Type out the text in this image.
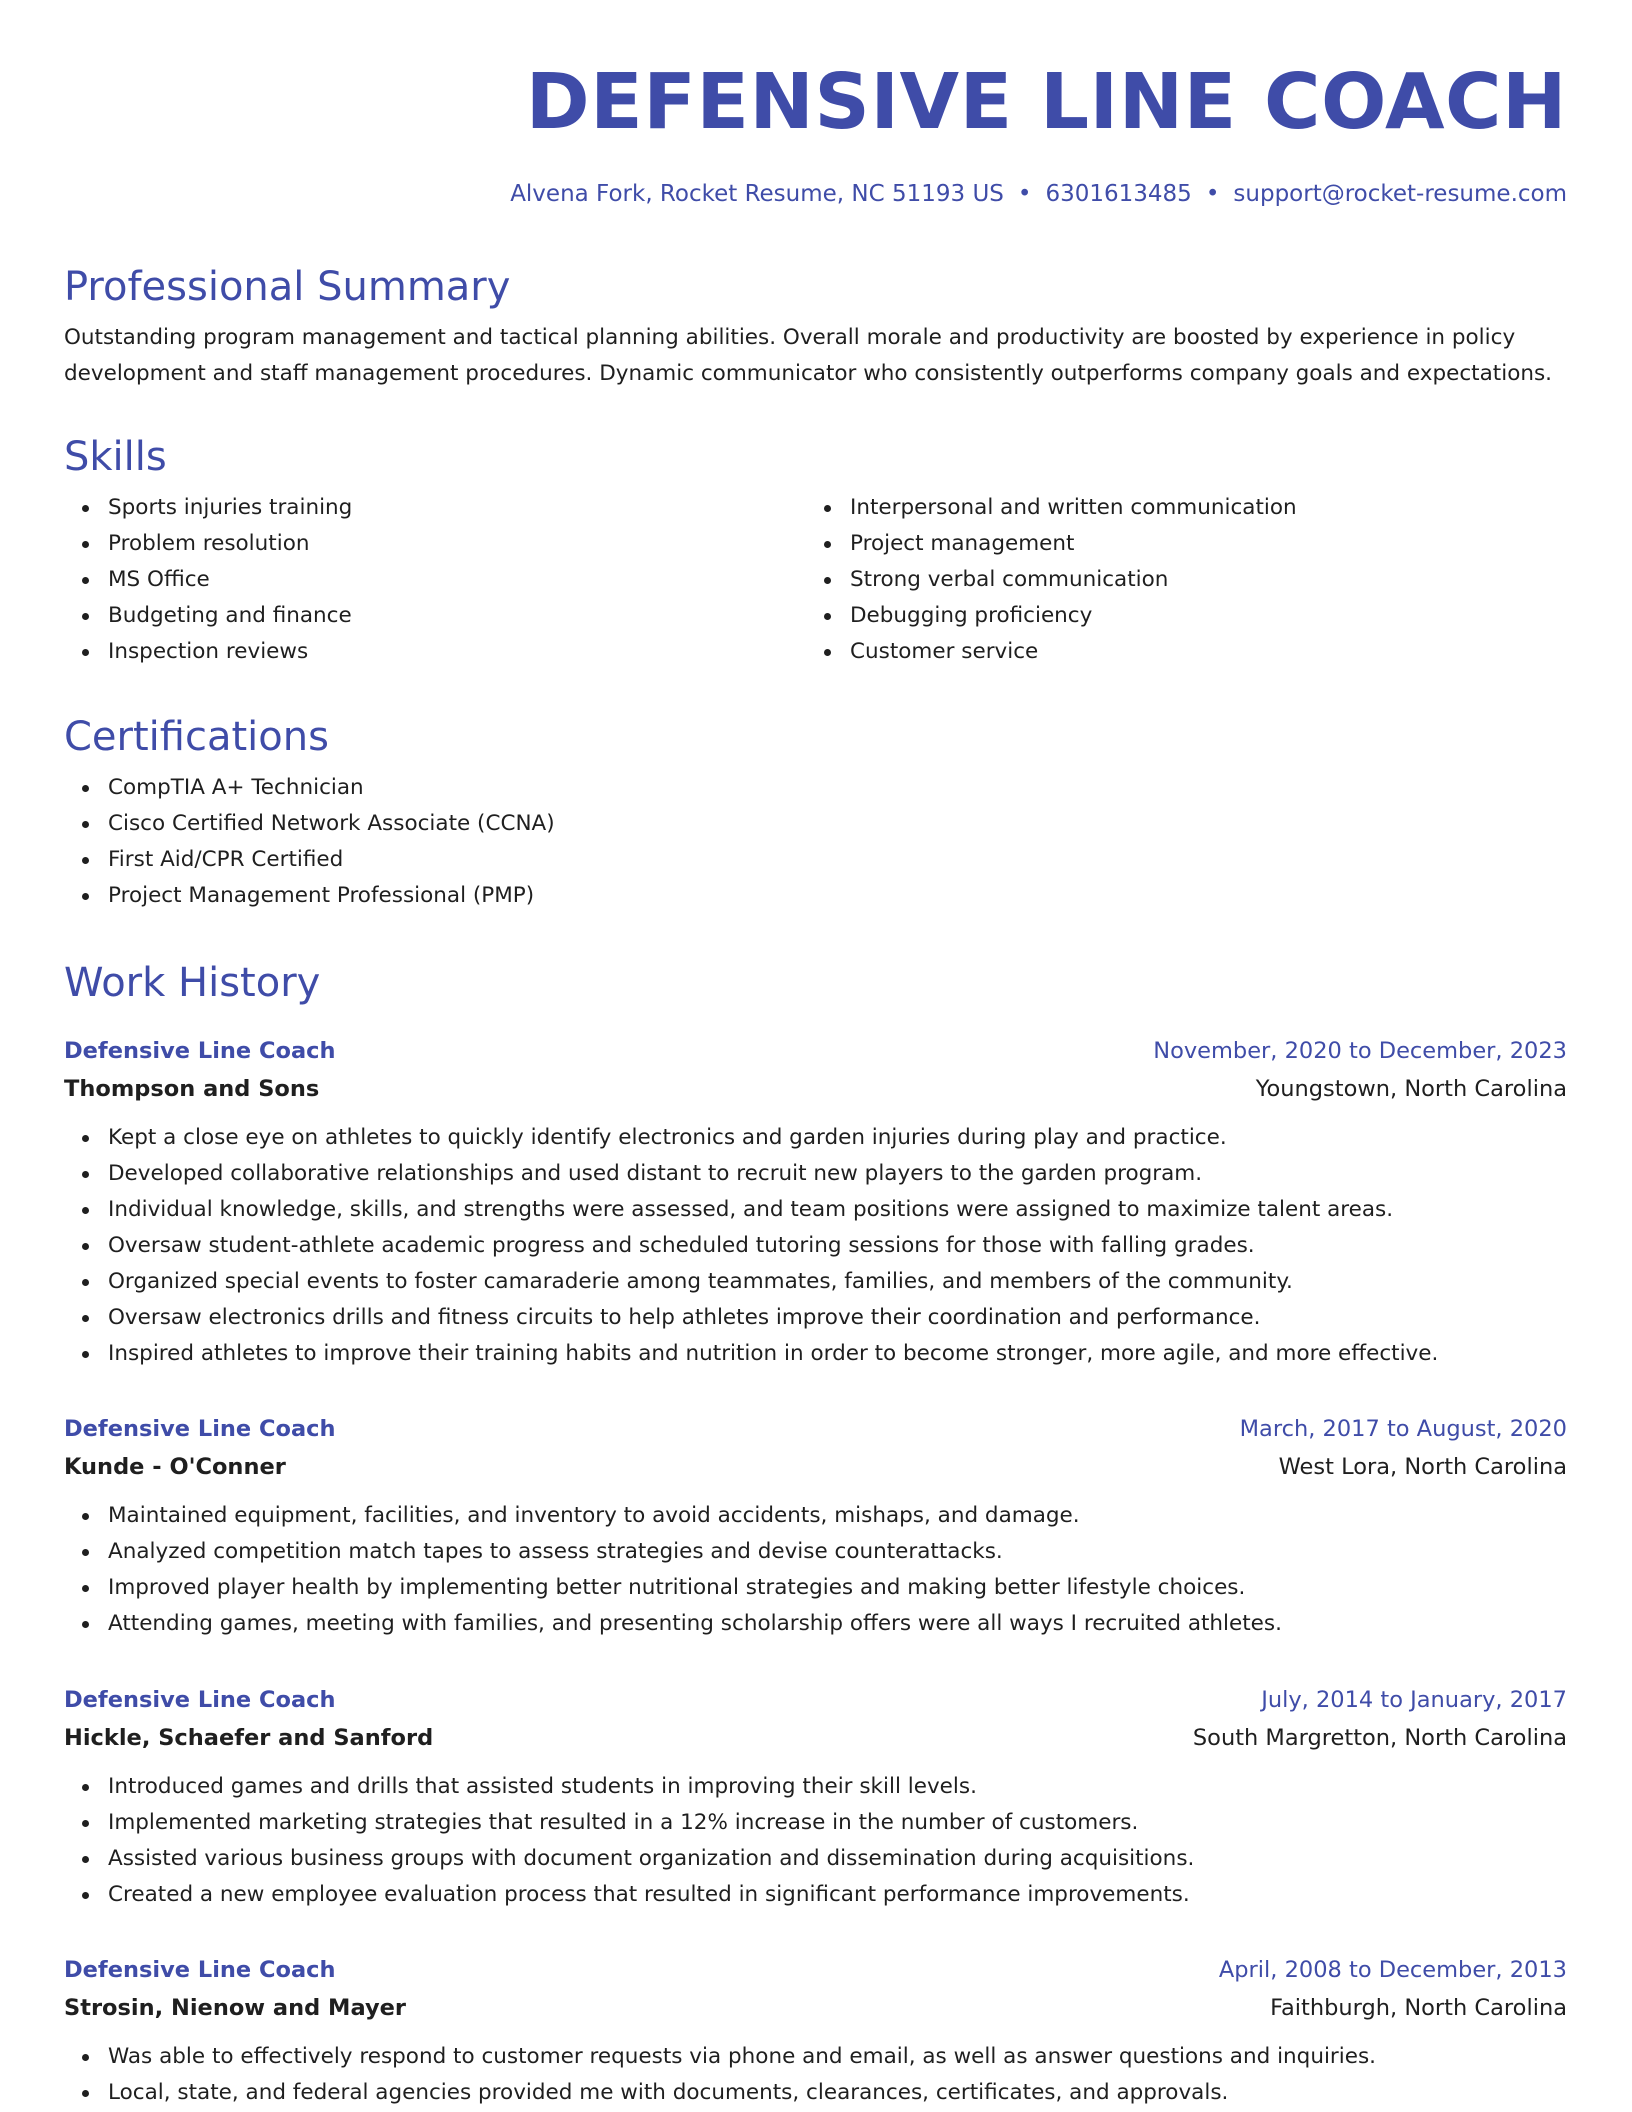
DEFENSIVE LINE COACH
Alvena Fork, Rocket Resume, NC 51193 US • 6301613485 • support@rocket-resume.com
Professional Summary

Outstanding program management and tactical planning abilities. Overall morale and productivity are boosted by experience in policy development and staff management procedures. Dynamic communicator who consistently outperforms company goals and expectations.

Skills
Sports injuries training
Problem resolution
MS Office
Budgeting and finance
Inspection reviews
Interpersonal and written communication
Project management
Strong verbal communication
Debugging proficiency
Customer service
Certifications
CompTIA A+ Technician
Cisco Certified Network Associate (CCNA)
First Aid/CPR Certified
Project Management Professional (PMP)
Work History
Defensive Line Coach	November, 2020 to December, 2023
Thompson and Sons	Youngstown, North Carolina
Kept a close eye on athletes to quickly identify electronics and garden injuries during play and practice.
Developed collaborative relationships and used distant to recruit new players to the garden program.
Individual knowledge, skills, and strengths were assessed, and team positions were assigned to maximize talent areas.
Oversaw student-athlete academic progress and scheduled tutoring sessions for those with falling grades.
Organized special events to foster camaraderie among teammates, families, and members of the community.
Oversaw electronics drills and fitness circuits to help athletes improve their coordination and performance.
Inspired athletes to improve their training habits and nutrition in order to become stronger, more agile, and more effective.
Defensive Line Coach	March, 2017 to August, 2020
Kunde - O'Conner	West Lora, North Carolina
Maintained equipment, facilities, and inventory to avoid accidents, mishaps, and damage.
Analyzed competition match tapes to assess strategies and devise counterattacks.
Improved player health by implementing better nutritional strategies and making better lifestyle choices.
Attending games, meeting with families, and presenting scholarship offers were all ways I recruited athletes.
Defensive Line Coach	July, 2014 to January, 2017
Hickle, Schaefer and Sanford	South Margretton, North Carolina
Introduced games and drills that assisted students in improving their skill levels.
Implemented marketing strategies that resulted in a 12% increase in the number of customers.
Assisted various business groups with document organization and dissemination during acquisitions.
Created a new employee evaluation process that resulted in significant performance improvements.
Defensive Line Coach	April, 2008 to December, 2013
Strosin, Nienow and Mayer	Faithburgh, North Carolina
Was able to effectively respond to customer requests via phone and email, as well as answer questions and inquiries.
Local, state, and federal agencies provided me with documents, clearances, certificates, and approvals.
